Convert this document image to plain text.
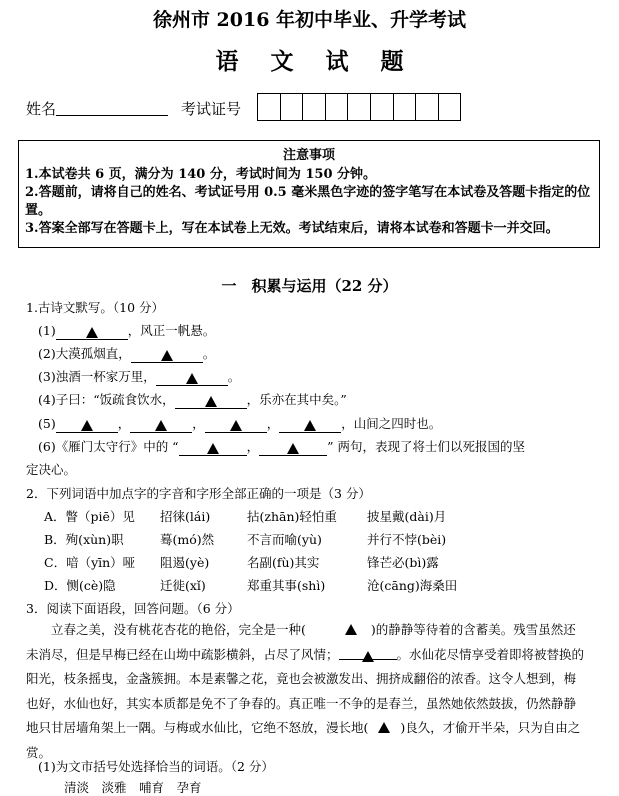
徐州市 2016 年初中毕业、升学考试
语文试题
姓名	考试证号
注意事项
1.本试卷共 6 页，满分为 140 分，考试时间为 150 分钟。
2.答题前，请将自己的姓名、考试证号用 0.5 毫米黑色字迹的签字笔写在本试卷及答题卡指定的位置。
3.答案全部写在答题卡上，写在本试卷上无效。考试结束后，请将本试卷和答题卡一并交回。
一　积累与运用（22 分）
1.古诗文默写。（10 分）
(1)	，风正一帆悬。
(2)大漠孤烟直，	。
(3)浊酒一杯家万里，	。
(4)子曰：“饭疏食饮水，	，乐亦在其中矣。”
(5)	，	，	，	，山间之四时也。
(6)《雁门太守行》中的 “	，	” 两句，表现了将士们以死报国的坚
定决心。
2．下列词语中加点字的字音和字形全部正确的一项是（3 分）
A．瞥（piē）见 招徕(lái)	拈(zhān)轻怕重 披星戴(dài)月
B．殉(xùn)职	蓦(mó)然	不言而喻(yù)	并行不悖(bèi)
C．喑（yīn）哑 阻遏(yè)	名副(fù)其实	锋芒必(bì)露
D．恻(cè)隐	迁徙(xǐ)	郑重其事(shì)	沧(cāng)海桑田
3．阅读下面语段，回答问题。（6 分）
立春之美，没有桃花杏花的艳俗，完全是一种(	)的静静等待着的含蓄美。残雪虽然还未消尽，但是早梅已经在山坳中疏影横斜，占尽了风情；	。水仙花尽情享受着即将被替换的阳光，枝条摇曳，金盏簇拥。本是素馨之花，竟也会被激发出、拥挤成翻俗的浓香。这令人想到，梅也好，水仙也好，其实本质都是免不了争春的。真正唯一不争的是春兰，虽然她依然鼓拔，仍然静静地只甘居墙角架上一隅。与梅或水仙比，它绝不怒放，漫长地(	)良久，才偷开半朵，只为自由之赏。
(1)为文市括号处选择恰当的词语。（2 分）
清淡　淡雅　哺育　孕育
